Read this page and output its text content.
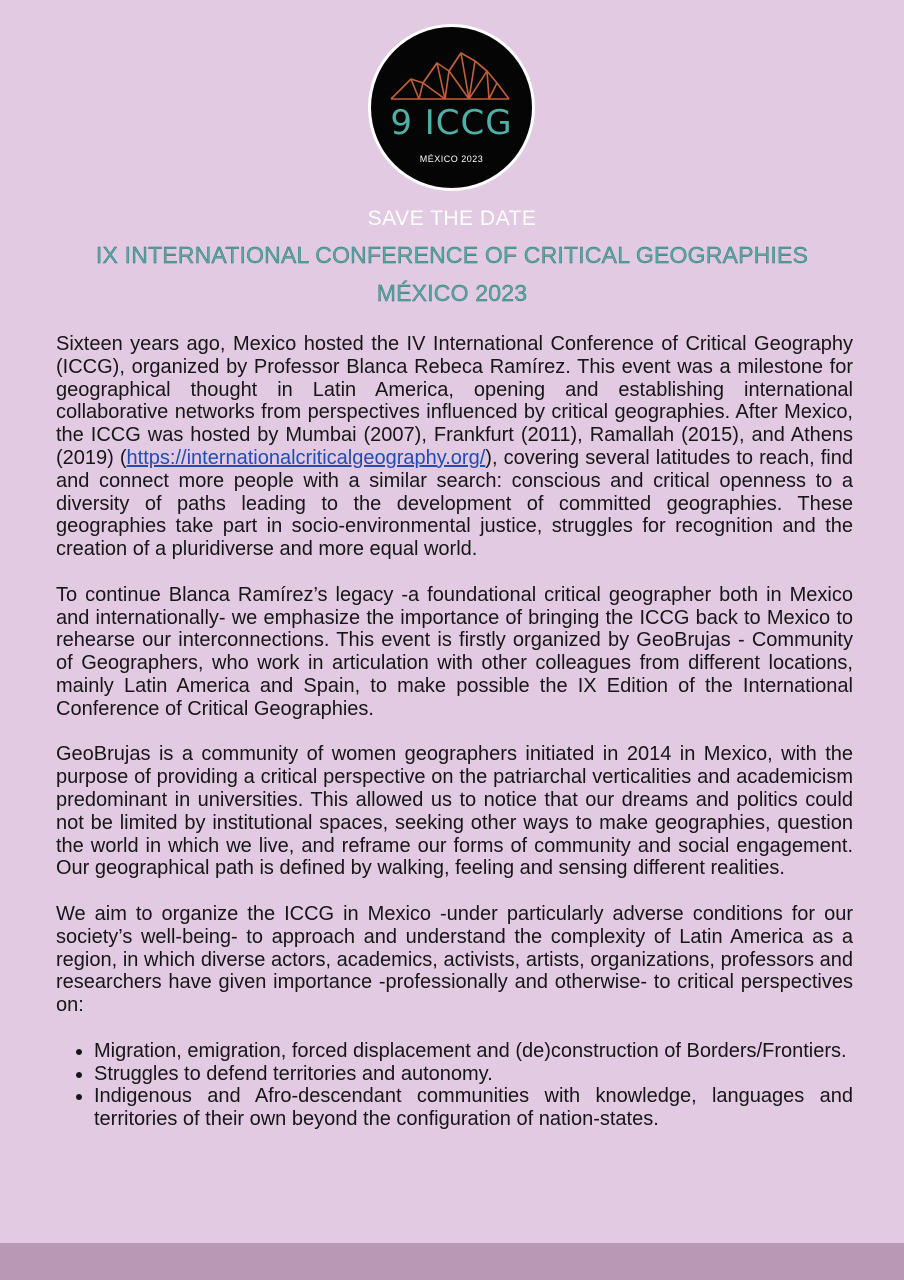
9 ICCG
MÉXICO 2023
SAVE THE DATE
IX INTERNATIONAL CONFERENCE OF CRITICAL GEOGRAPHIES
MÉXICO 2023

Sixteen years ago, Mexico hosted the IV International Conference of Critical Geography (ICCG), organized by Professor Blanca Rebeca Ramírez. This event was a milestone for geographical thought in Latin America, opening and establishing international collaborative networks from perspectives influenced by critical geographies. After Mexico, the ICCG was hosted by Mumbai (2007), Frankfurt (2011), Ramallah (2015), and Athens (2019) (https://internationalcriticalgeography.org/), covering several latitudes to reach, find and connect more people with a similar search: conscious and critical openness to a diversity of paths leading to the development of committed geographies. These geographies take part in socio-environmental justice, struggles for recognition and the creation of a pluridiverse and more equal world.

To continue Blanca Ramírez’s legacy -a foundational critical geographer both in Mexico and internationally- we emphasize the importance of bringing the ICCG back to Mexico to rehearse our interconnections. This event is firstly organized by GeoBrujas - Community of Geographers, who work in articulation with other colleagues from different locations, mainly Latin America and Spain, to make possible the IX Edition of the International Conference of Critical Geographies.

GeoBrujas is a community of women geographers initiated in 2014 in Mexico, with the purpose of providing a critical perspective on the patriarchal verticalities and academicism predominant in universities. This allowed us to notice that our dreams and politics could not be limited by institutional spaces, seeking other ways to make geographies, question the world in which we live, and reframe our forms of community and social engagement. Our geographical path is defined by walking, feeling and sensing different realities.

We aim to organize the ICCG in Mexico -under particularly adverse conditions for our society’s well-being- to approach and understand the complexity of Latin America as a region, in which diverse actors, academics, activists, artists, organizations, professors and researchers have given importance -professionally and otherwise- to critical perspectives on:

• Migration, emigration, forced displacement and (de)construction of Borders/Frontiers.
• Struggles to defend territories and autonomy.
• Indigenous and Afro-descendant communities with knowledge, languages and territories of their own beyond the configuration of nation-states.
